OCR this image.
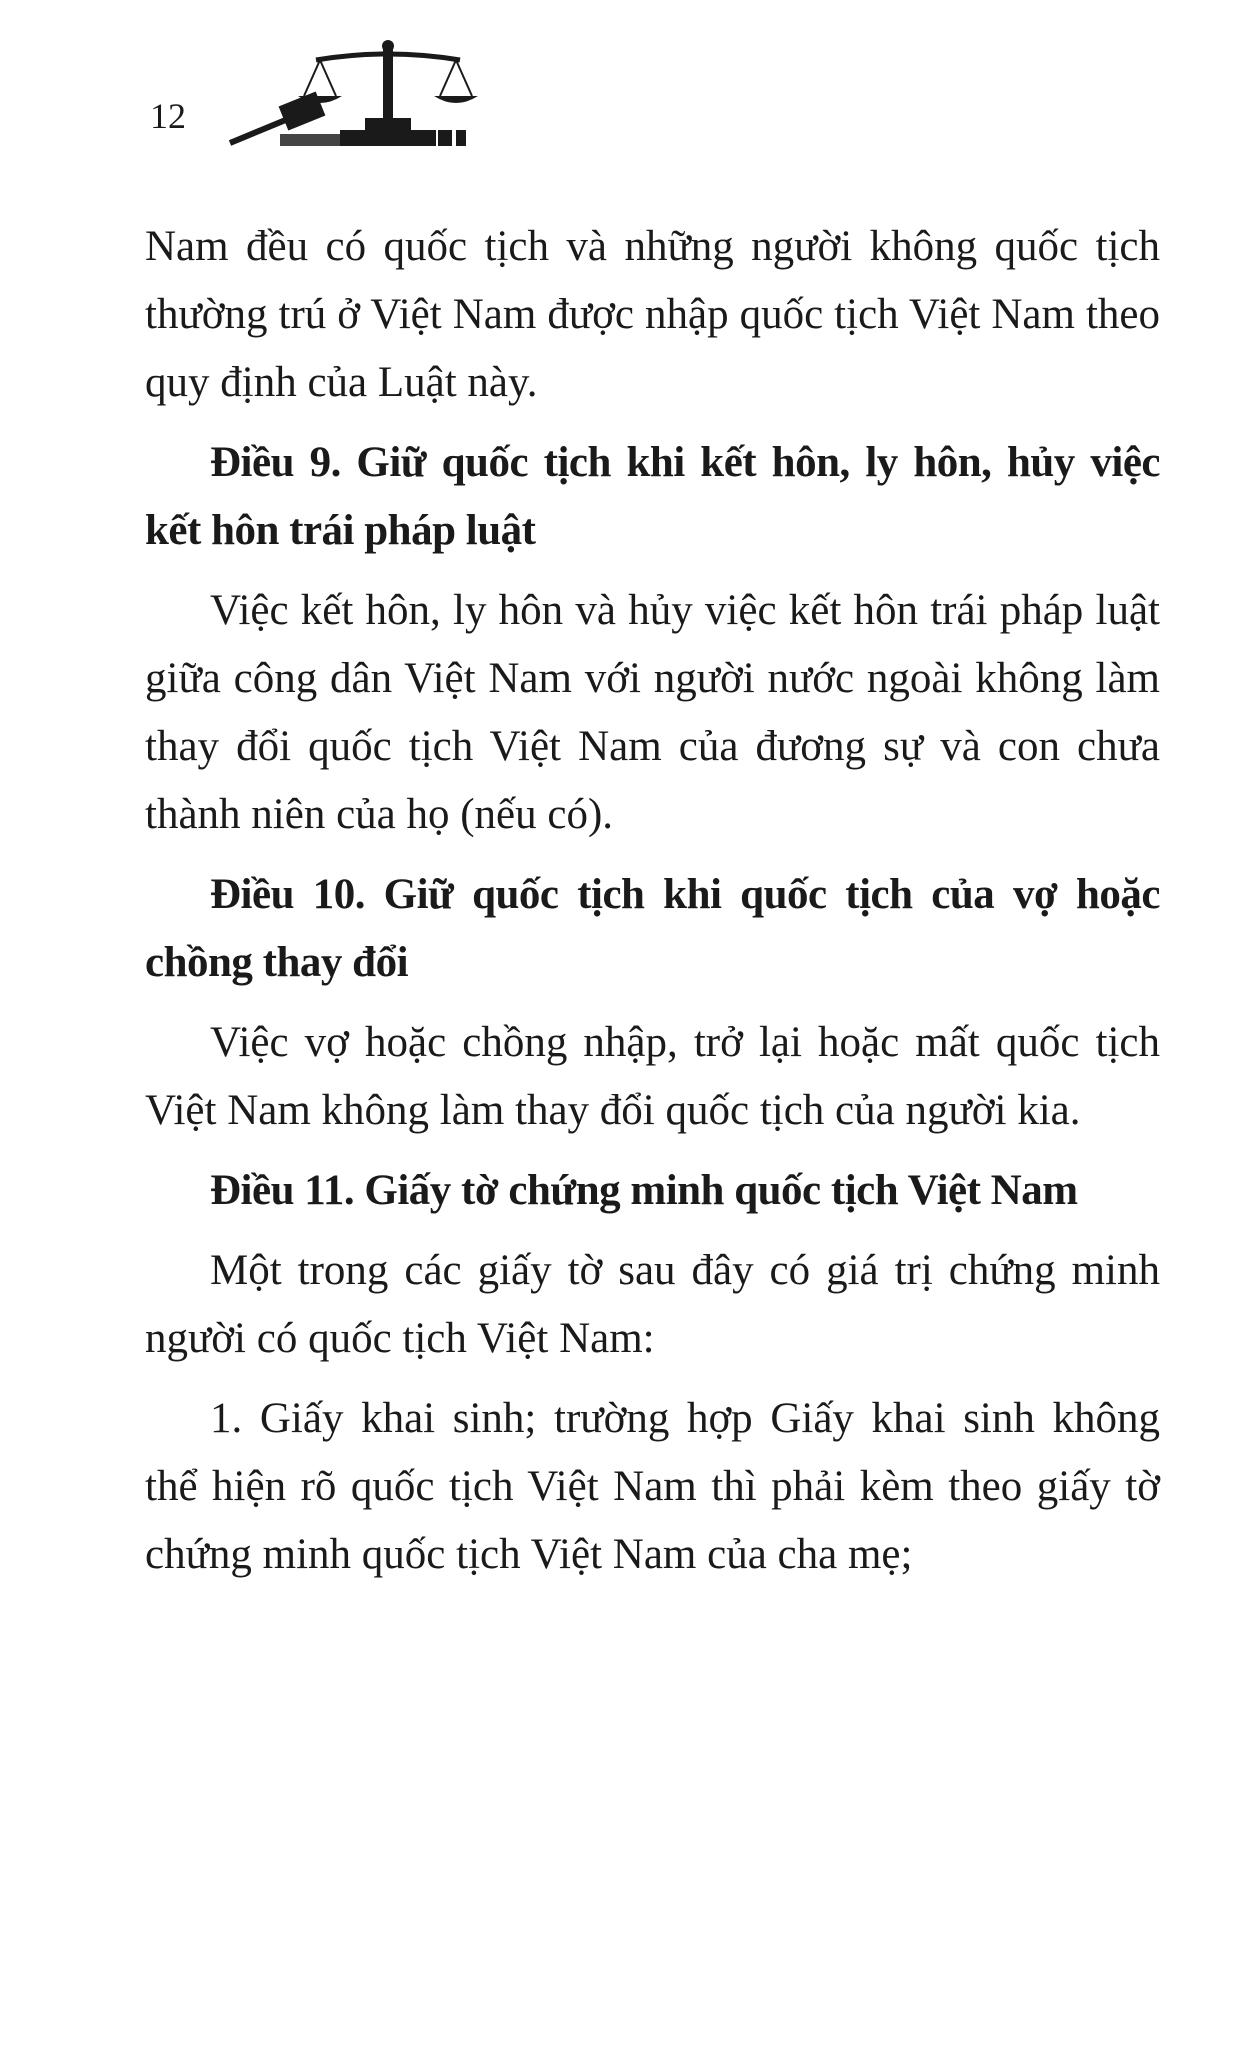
12

Nam đều có quốc tịch và những người không quốc tịch thường trú ở Việt Nam được nhập quốc tịch Việt Nam theo quy định của Luật này.

Điều 9. Giữ quốc tịch khi kết hôn, ly hôn, hủy việc kết hôn trái pháp luật

Việc kết hôn, ly hôn và hủy việc kết hôn trái pháp luật giữa công dân Việt Nam với người nước ngoài không làm thay đổi quốc tịch Việt Nam của đương sự và con chưa thành niên của họ (nếu có).

Điều 10. Giữ quốc tịch khi quốc tịch của vợ hoặc chồng thay đổi

Việc vợ hoặc chồng nhập, trở lại hoặc mất quốc tịch Việt Nam không làm thay đổi quốc tịch của người kia.

Điều 11. Giấy tờ chứng minh quốc tịch Việt Nam

Một trong các giấy tờ sau đây có giá trị chứng minh người có quốc tịch Việt Nam:

1. Giấy khai sinh; trường hợp Giấy khai sinh không thể hiện rõ quốc tịch Việt Nam thì phải kèm theo giấy tờ chứng minh quốc tịch Việt Nam của cha mẹ;
